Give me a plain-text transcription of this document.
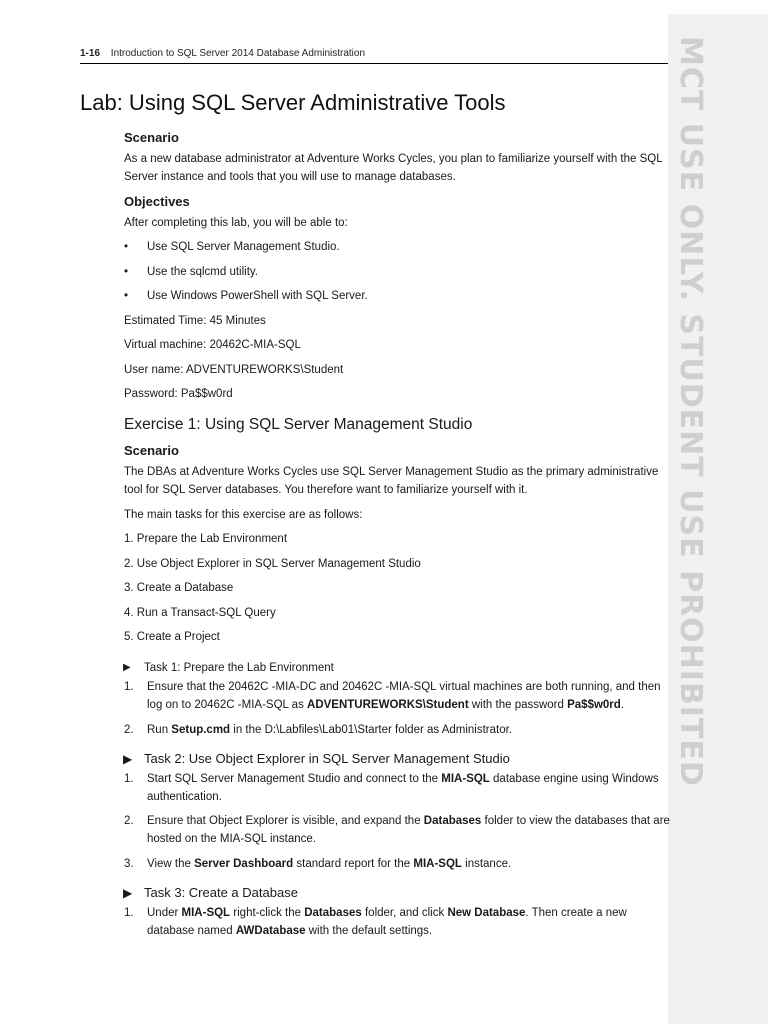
MCT USE ONLY. STUDENT USE PROHIBITED
1-16 Introduction to SQL Server 2014 Database Administration
Lab: Using SQL Server Administrative Tools
Scenario

As a new database administrator at Adventure Works Cycles, you plan to familiarize yourself with the SQL Server instance and tools that you will use to manage databases.

Objectives

After completing this lab, you will be able to:

• Use SQL Server Management Studio.
• Use the sqlcmd utility.
• Use Windows PowerShell with SQL Server.

Estimated Time: 45 Minutes

Virtual machine: 20462C-MIA-SQL

User name: ADVENTUREWORKS\Student

Password: Pa$$w0rd

Exercise 1: Using SQL Server Management Studio
Scenario

The DBAs at Adventure Works Cycles use SQL Server Management Studio as the primary administrative tool for SQL Server databases. You therefore want to familiarize yourself with it.

The main tasks for this exercise are as follows:

1. Prepare the Lab Environment
2. Use Object Explorer in SQL Server Management Studio
3. Create a Database
4. Run a Transact-SQL Query
5. Create a Project
▶ Task 1: Prepare the Lab Environment
1. Ensure that the 20462C -MIA-DC and 20462C -MIA-SQL virtual machines are both running, and then log on to 20462C -MIA-SQL as ADVENTUREWORKS\Student with the password Pa$$w0rd.
2. Run Setup.cmd in the D:\Labfiles\Lab01\Starter folder as Administrator.
▶ Task 2: Use Object Explorer in SQL Server Management Studio
1. Start SQL Server Management Studio and connect to the MIA-SQL database engine using Windows authentication.
2. Ensure that Object Explorer is visible, and expand the Databases folder to view the databases that are hosted on the MIA-SQL instance.
3. View the Server Dashboard standard report for the MIA-SQL instance.
▶ Task 3: Create a Database
1. Under MIA-SQL right-click the Databases folder, and click New Database. Then create a new database named AWDatabase with the default settings.
